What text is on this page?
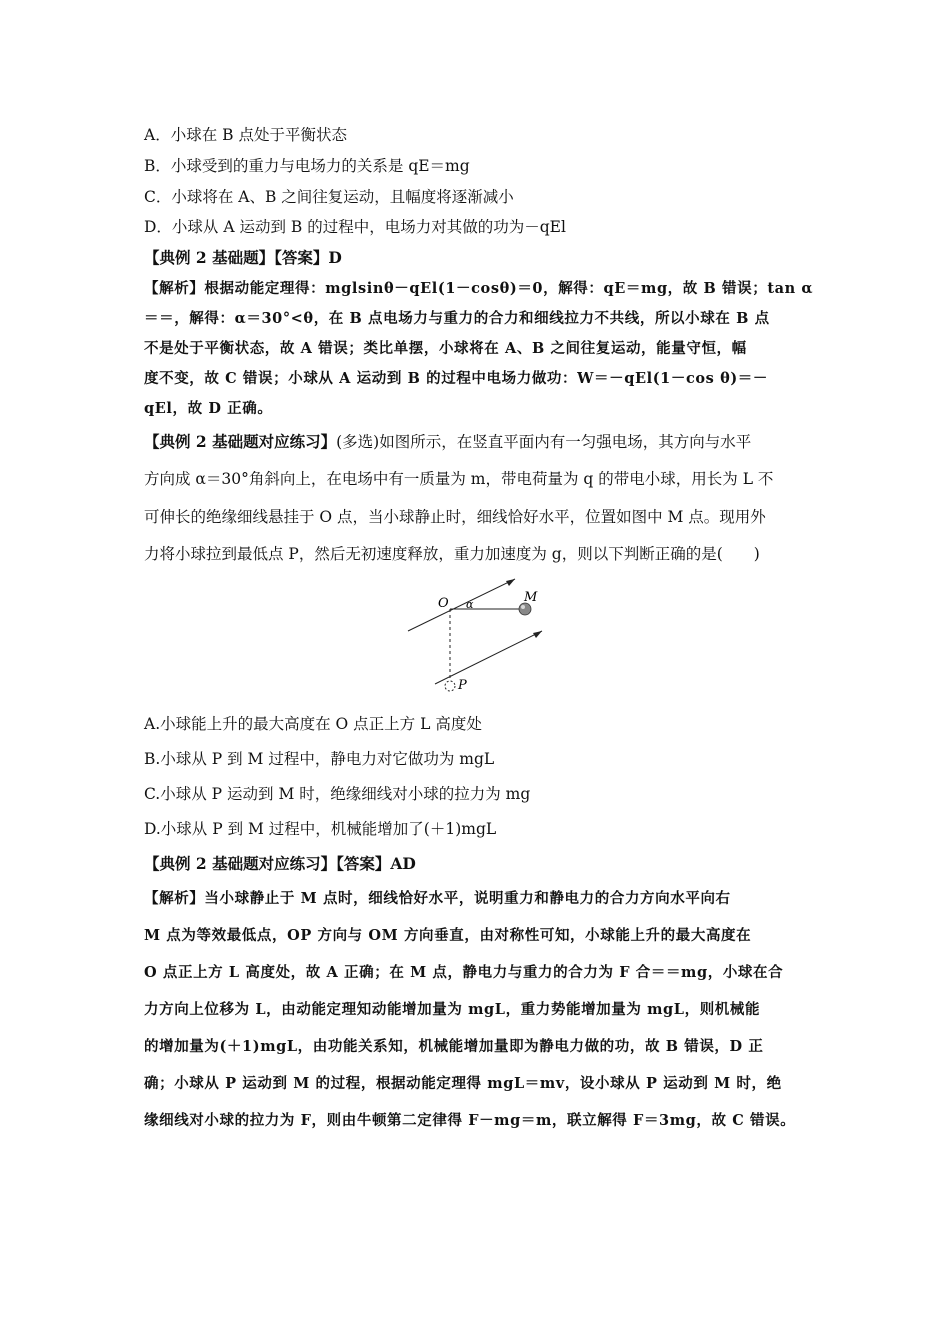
A．小球在 B 点处于平衡状态
B．小球受到的重力与电场力的关系是 qE＝mg
C．小球将在 A、B 之间往复运动，且幅度将逐渐减小
D．小球从 A 运动到 B 的过程中，电场力对其做的功为－qEl
【典例 2 基础题】【答案】D
【解析】根据动能定理得：mglsinθ－qEl(1－cosθ)＝0，解得：qE＝mg，故 B 错误；tan α
＝＝，解得：α＝30°<θ，在 B 点电场力与重力的合力和细线拉力不共线，所以小球在 B 点
不是处于平衡状态，故 A 错误；类比单摆，小球将在 A、B 之间往复运动，能量守恒，幅
度不变，故 C 错误；小球从 A 运动到 B 的过程中电场力做功：W＝－qEl(1－cos θ)＝－
qEl，故 D 正确。
【典例 2 基础题对应练习】(多选)如图所示，在竖直平面内有一匀强电场，其方向与水平
方向成 α＝30°角斜向上，在电场中有一质量为 m，带电荷量为 q 的带电小球，用长为 L 不
可伸长的绝缘细线悬挂于 O 点，当小球静止时，细线恰好水平，位置如图中 M 点。现用外
力将小球拉到最低点 P，然后无初速度释放，重力加速度为 g，则以下判断正确的是(　　)
O α	M
P
A.小球能上升的最大高度在 O 点正上方 L 高度处
B.小球从 P 到 M 过程中，静电力对它做功为 mgL
C.小球从 P 运动到 M 时，绝缘细线对小球的拉力为 mg
D.小球从 P 到 M 过程中，机械能增加了(＋1)mgL
【典例 2 基础题对应练习】【答案】AD
【解析】当小球静止于 M 点时，细线恰好水平，说明重力和静电力的合力方向水平向右
M 点为等效最低点，OP 方向与 OM 方向垂直，由对称性可知，小球能上升的最大高度在
O 点正上方 L 高度处，故 A 正确；在 M 点，静电力与重力的合力为 F 合＝＝mg，小球在合
力方向上位移为 L，由动能定理知动能增加量为 mgL，重力势能增加量为 mgL，则机械能
的增加量为(＋1)mgL，由功能关系知，机械能增加量即为静电力做的功，故 B 错误，D 正
确；小球从 P 运动到 M 的过程，根据动能定理得 mgL＝mv，设小球从 P 运动到 M 时，绝
缘细线对小球的拉力为 F，则由牛顿第二定律得 F－mg＝m，联立解得 F＝3mg，故 C 错误。
